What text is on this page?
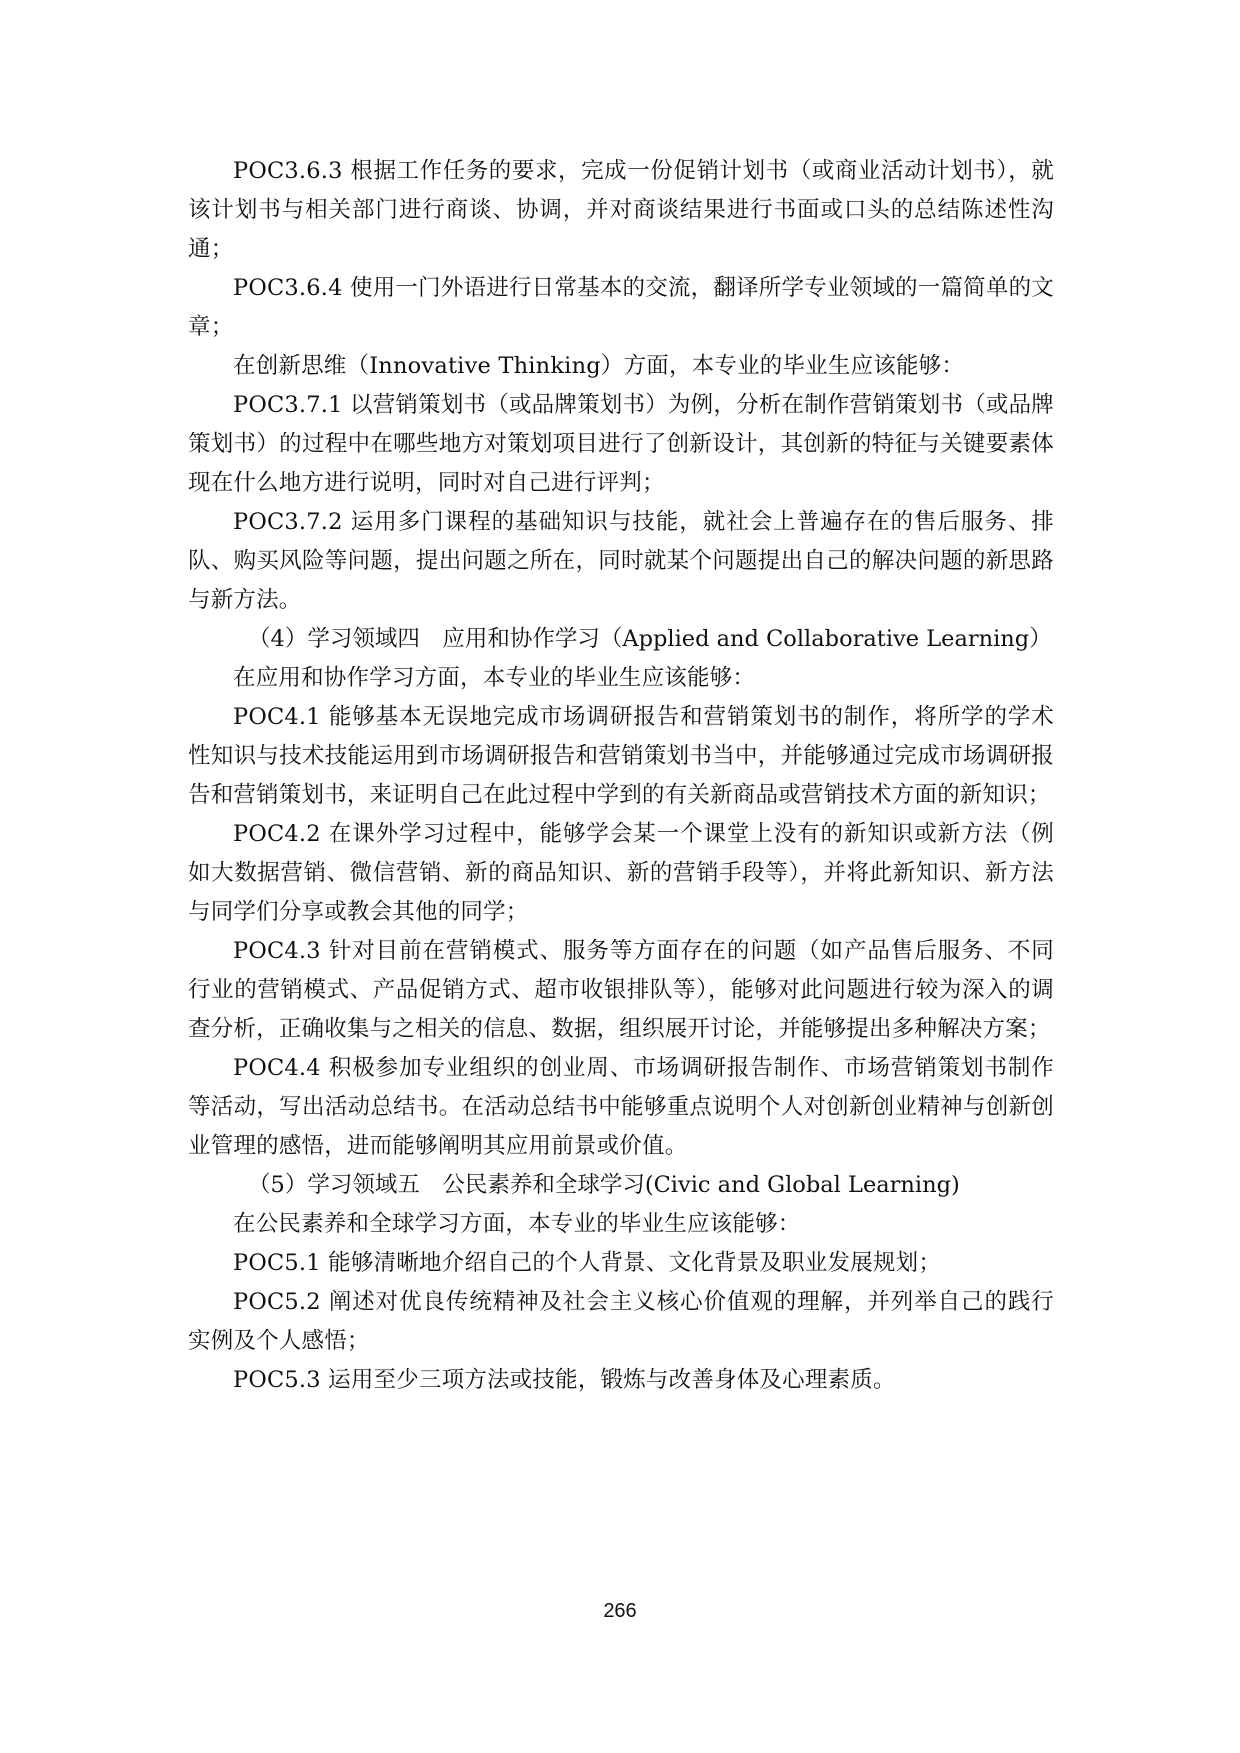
POC3.6.3 根据工作任务的要求，完成一份促销计划书（或商业活动计划书），就该计划书与相关部门进行商谈、协调，并对商谈结果进行书面或口头的总结陈述性沟通；

POC3.6.4 使用一门外语进行日常基本的交流，翻译所学专业领域的一篇简单的文章；

在创新思维（Innovative Thinking）方面，本专业的毕业生应该能够：

POC3.7.1 以营销策划书（或品牌策划书）为例，分析在制作营销策划书（或品牌策划书）的过程中在哪些地方对策划项目进行了创新设计，其创新的特征与关键要素体现在什么地方进行说明，同时对自己进行评判；

POC3.7.2 运用多门课程的基础知识与技能，就社会上普遍存在的售后服务、排队、购买风险等问题，提出问题之所在，同时就某个问题提出自己的解决问题的新思路与新方法。

（4）学习领域四　应用和协作学习（Applied and Collaborative Learning）

在应用和协作学习方面，本专业的毕业生应该能够：

POC4.1 能够基本无误地完成市场调研报告和营销策划书的制作，将所学的学术性知识与技术技能运用到市场调研报告和营销策划书当中，并能够通过完成市场调研报告和营销策划书，来证明自己在此过程中学到的有关新商品或营销技术方面的新知识；

POC4.2 在课外学习过程中，能够学会某一个课堂上没有的新知识或新方法（例如大数据营销、微信营销、新的商品知识、新的营销手段等），并将此新知识、新方法与同学们分享或教会其他的同学；

POC4.3 针对目前在营销模式、服务等方面存在的问题（如产品售后服务、不同行业的营销模式、产品促销方式、超市收银排队等），能够对此问题进行较为深入的调查分析，正确收集与之相关的信息、数据，组织展开讨论，并能够提出多种解决方案；

POC4.4 积极参加专业组织的创业周、市场调研报告制作、市场营销策划书制作等活动，写出活动总结书。在活动总结书中能够重点说明个人对创新创业精神与创新创业管理的感悟，进而能够阐明其应用前景或价值。

（5）学习领域五　公民素养和全球学习(Civic and Global Learning)

在公民素养和全球学习方面，本专业的毕业生应该能够：

POC5.1 能够清晰地介绍自己的个人背景、文化背景及职业发展规划；

POC5.2 阐述对优良传统精神及社会主义核心价值观的理解，并列举自己的践行实例及个人感悟；

POC5.3 运用至少三项方法或技能，锻炼与改善身体及心理素质。

266
